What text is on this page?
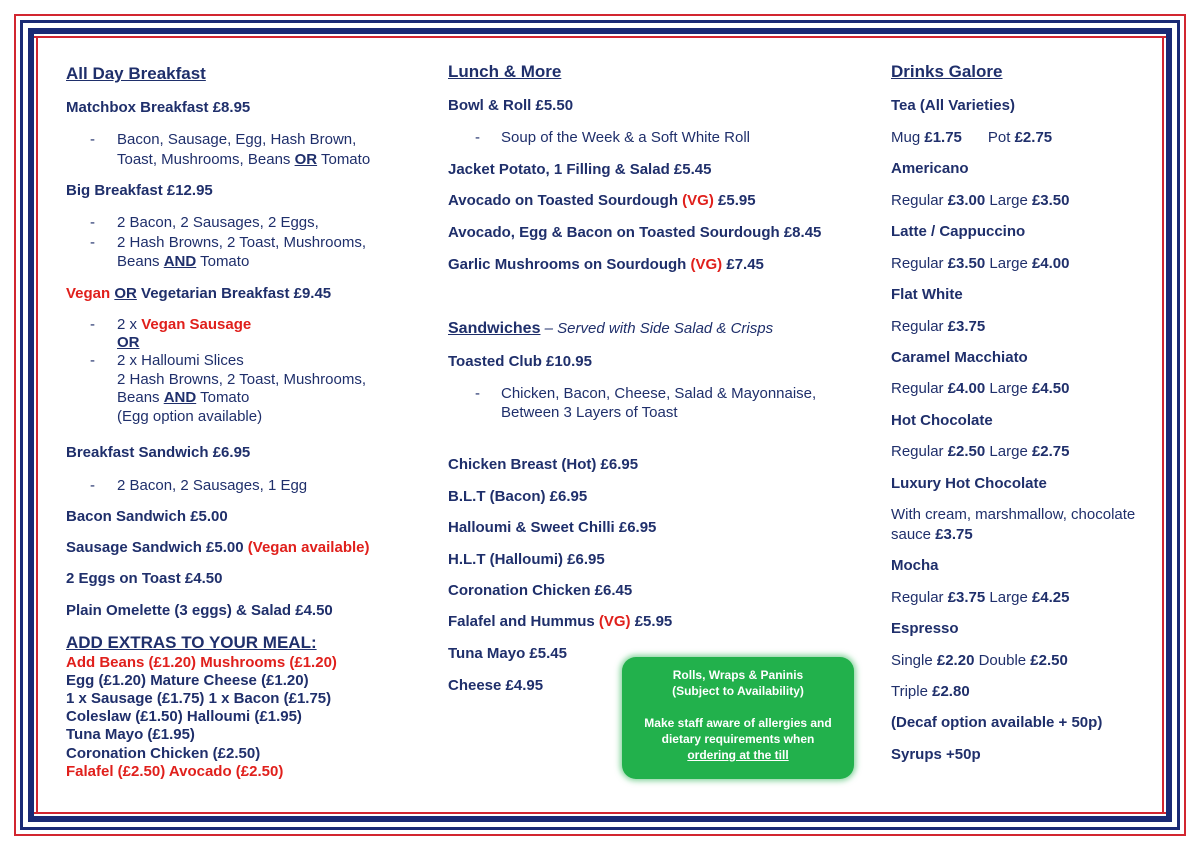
All Day Breakfast
Matchbox Breakfast £8.95
- Bacon, Sausage, Egg, Hash Brown,
Toast, Mushrooms, Beans OR Tomato
Big Breakfast £12.95
- 2 Bacon, 2 Sausages, 2 Eggs,
- 2 Hash Browns, 2 Toast, Mushrooms,
Beans AND Tomato
Vegan OR Vegetarian Breakfast £9.45
- 2 x Vegan Sausage
OR
- 2 x Halloumi Slices
2 Hash Browns, 2 Toast, Mushrooms,
Beans AND Tomato
(Egg option available)
Breakfast Sandwich £6.95
- 2 Bacon, 2 Sausages, 1 Egg
Bacon Sandwich £5.00
Sausage Sandwich £5.00 (Vegan available)
2 Eggs on Toast £4.50
Plain Omelette (3 eggs) & Salad £4.50
ADD EXTRAS TO YOUR MEAL:
Add Beans (£1.20) Mushrooms (£1.20)
Egg (£1.20) Mature Cheese (£1.20)
1 x Sausage (£1.75) 1 x Bacon (£1.75)
Coleslaw (£1.50) Halloumi (£1.95)
Tuna Mayo (£1.95)
Coronation Chicken (£2.50)
Falafel (£2.50) Avocado (£2.50)
Lunch & More
Bowl & Roll £5.50
- Soup of the Week & a Soft White Roll
Jacket Potato, 1 Filling & Salad £5.45
Avocado on Toasted Sourdough (VG) £5.95
Avocado, Egg & Bacon on Toasted Sourdough £8.45
Garlic Mushrooms on Sourdough (VG) £7.45
Sandwiches – Served with Side Salad & Crisps
Toasted Club £10.95
- Chicken, Bacon, Cheese, Salad & Mayonnaise,
Between 3 Layers of Toast
Chicken Breast (Hot) £6.95
B.L.T (Bacon) £6.95
Halloumi & Sweet Chilli £6.95
H.L.T (Halloumi) £6.95
Coronation Chicken £6.45
Falafel and Hummus (VG) £5.95
Tuna Mayo £5.45
Cheese £4.95
Rolls, Wraps & Paninis
(Subject to Availability)
Make staff aware of allergies and
dietary requirements when
ordering at the till
Drinks Galore
Tea (All Varieties)
Mug £1.75 Pot £2.75
Americano
Regular £3.00 Large £3.50
Latte / Cappuccino
Regular £3.50 Large £4.00
Flat White
Regular £3.75
Caramel Macchiato
Regular £4.00 Large £4.50
Hot Chocolate
Regular £2.50 Large £2.75
Luxury Hot Chocolate
With cream, marshmallow, chocolate
sauce £3.75
Mocha
Regular £3.75 Large £4.25
Espresso
Single £2.20 Double £2.50
Triple £2.80
(Decaf option available + 50p)
Syrups +50p
